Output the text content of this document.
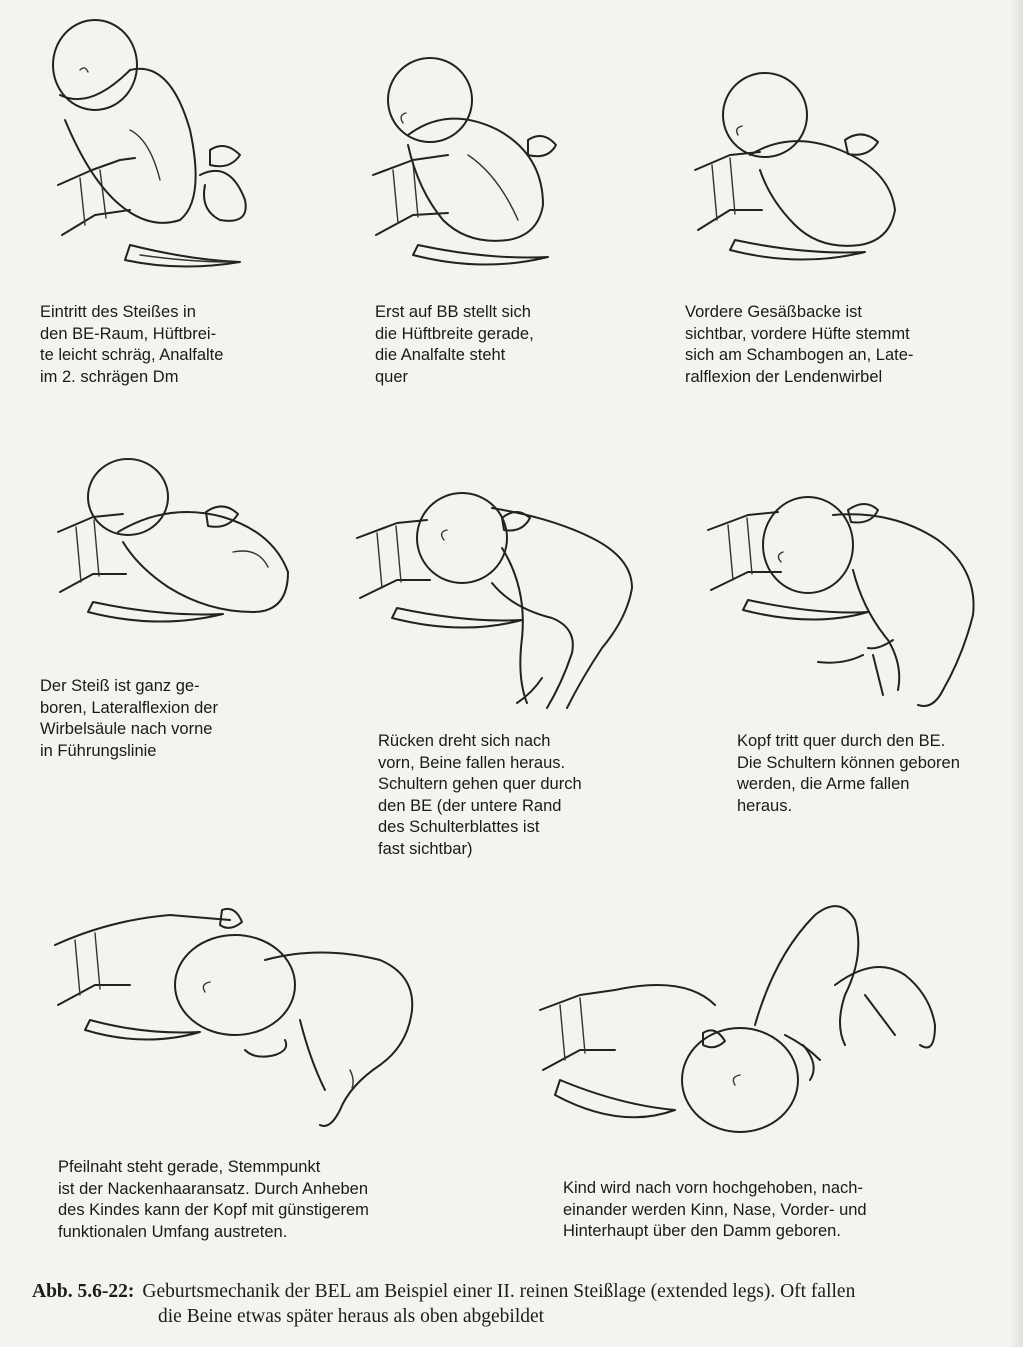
Eintritt des Steißes in
den BE-Raum, Hüftbrei-
te leicht schräg, Analfalte
im 2. schrägen Dm
Erst auf BB stellt sich
die Hüftbreite gerade,
die Analfalte steht
quer
Vordere Gesäßbacke ist
sichtbar, vordere Hüfte stemmt
sich am Schambogen an, Late-
ralflexion der Lendenwirbel
Der Steiß ist ganz ge-
boren, Lateralflexion der
Wirbelsäule nach vorne
in Führungslinie
Rücken dreht sich nach
vorn, Beine fallen heraus.
Schultern gehen quer durch
den BE (der untere Rand
des Schulterblattes ist
fast sichtbar)
Kopf tritt quer durch den BE.
Die Schultern können geboren
werden, die Arme fallen
heraus.
Pfeilnaht steht gerade, Stemmpunkt
ist der Nackenhaaransatz. Durch Anheben
des Kindes kann der Kopf mit günstigerem
funktionalen Umfang austreten.
Kind wird nach vorn hochgehoben, nach-
einander werden Kinn, Nase, Vorder- und
Hinterhaupt über den Damm geboren.
Abb. 5.6-22: Geburtsmechanik der BEL am Beispiel einer II. reinen Steißlage (extended legs). Oft fallen
die Beine etwas später heraus als oben abgebildet
